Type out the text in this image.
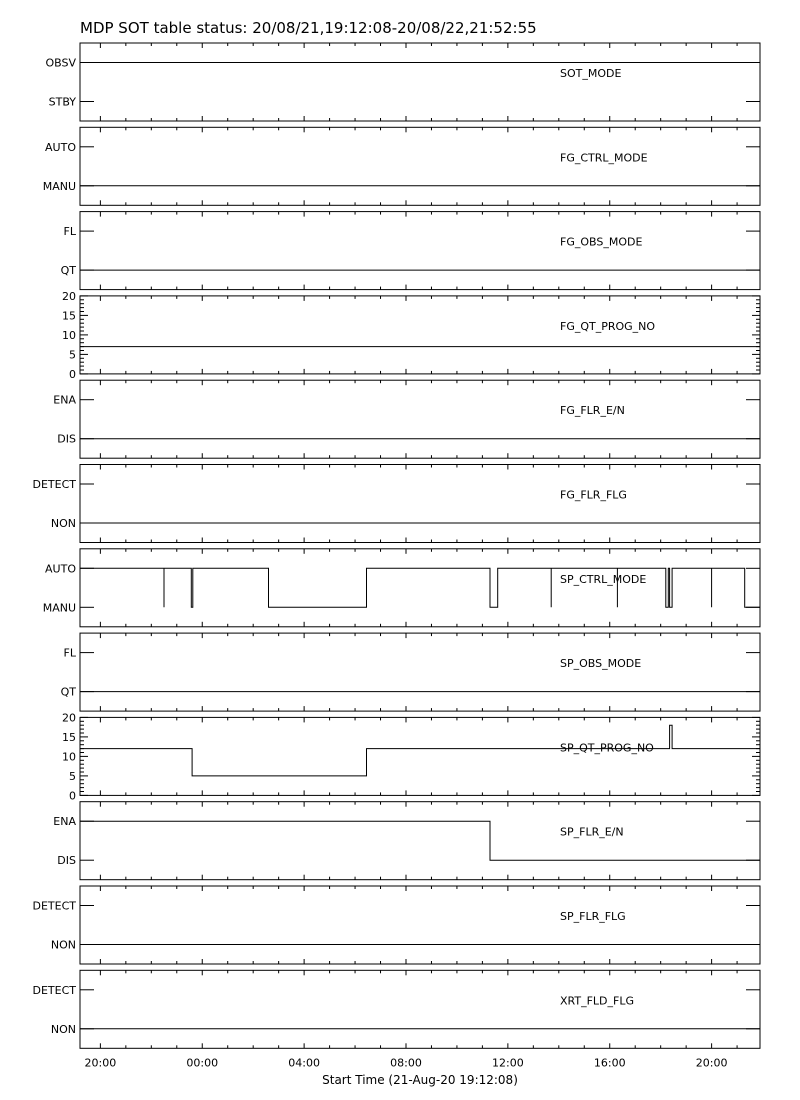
MDP SOT table status: 20/08/21,19:12:08-20/08/22,21:52:55
OBSV
STBY
SOT_MODE
AUTO
MANU
FG_CTRL_MODE
FL
QT
FG_OBS_MODE
0
5
10
15
20
FG_QT_PROG_NO
ENA
DIS
FG_FLR_E/N
DETECT
NON
FG_FLR_FLG
AUTO
MANU
SP_CTRL_MODE
FL
QT
SP_OBS_MODE
0
5
10
15
20
SP_QT_PROG_NO
ENA
DIS
SP_FLR_E/N
DETECT
NON
SP_FLR_FLG
DETECT
NON
XRT_FLD_FLG
20:00	00:00	04:00	08:00	12:00	16:00	20:00
Start Time (21-Aug-20 19:12:08)
